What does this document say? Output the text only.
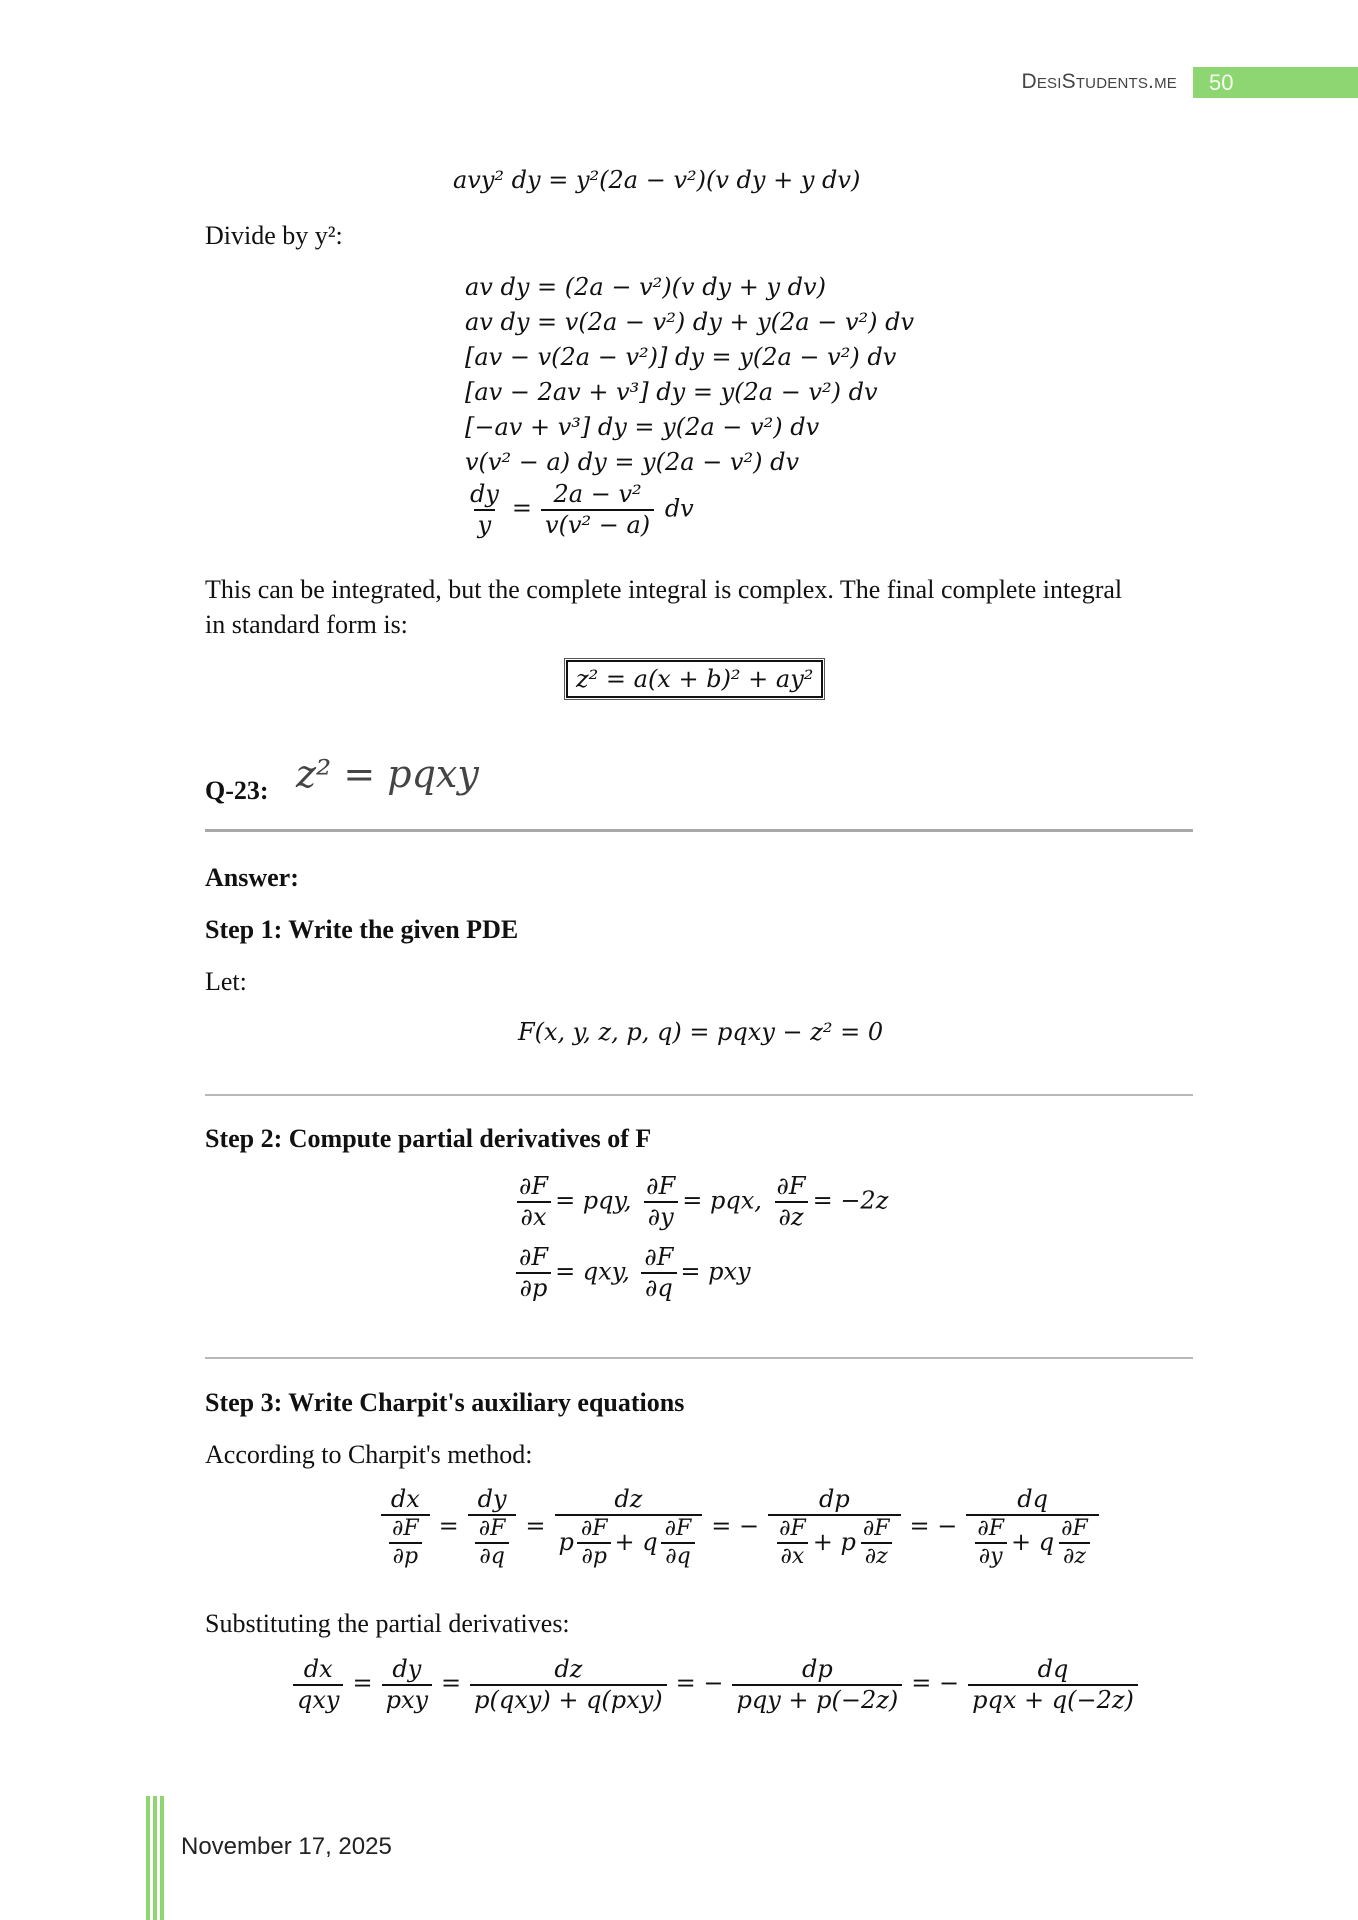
DesiStudents.me 50
avy² dy = y²(2a − v²)(v dy + y dv)
Divide by y²:
av dy = (2a − v²)(v dy + y dv)
av dy = v(2a − v²) dy + y(2a − v²) dv
[av − v(2a − v²)] dy = y(2a − v²) dv
[av − 2av + v³] dy = y(2a − v²) dv
[−av + v³] dy = y(2a − v²) dv
v(v² − a) dy = y(2a − v²) dv
$\frac{dy}{y} = \frac{\text{2a − v²}}{\text{v(v² − a)}}$ dv
This can be integrated, but the complete integral is complex. The final complete integral
in standard form is:
z² = a(x + b)² + ay²
Q-23: z² = pqxy
Answer:
Step 1: Write the given PDE
Let:
F(x, y, z, p, q) = pqxy − z² = 0
Step 2: Compute partial derivatives of F
$\frac{\partial F}{\partial x}$ = pqy, $\frac{\partial F}{\partial y}$ = pqx, $\frac{\partial F}{\partial z} = -2z$
$\frac{\partial F}{\partial p}$ = qxy, $\frac{\partial F}{\partial q}$ = pxy
Step 3: Write Charpit's auxiliary equations
According to Charpit's method:
$\frac{dx}{\frac{\partial F}{\partial p}} = \frac{dy}{\frac{\partial F}{\partial q}} = \frac{dz}{p \frac{\partial F}{\partial p} + q \frac{\partial F}{\partial q}}$ = − $\frac{dp}{\frac{\partial F}{\partial x} + p \frac{\partial F}{\partial z}}$ = − $\frac{dq}{\frac{\partial F}{\partial y} + q \frac{\partial F}{\partial z}}$
Substituting the partial derivatives:
$\frac{dx}{\text{qxy}} = \frac{dy}{\text{pxy}} = \frac{dz}{\text{p(qxy) + q(pxy)}}$ = − $\frac{dp}{\text{pqy + p(−2z)}}$ = − $\frac{dq}{\text{pqx + q(−2z)}}$
November 17, 2025
